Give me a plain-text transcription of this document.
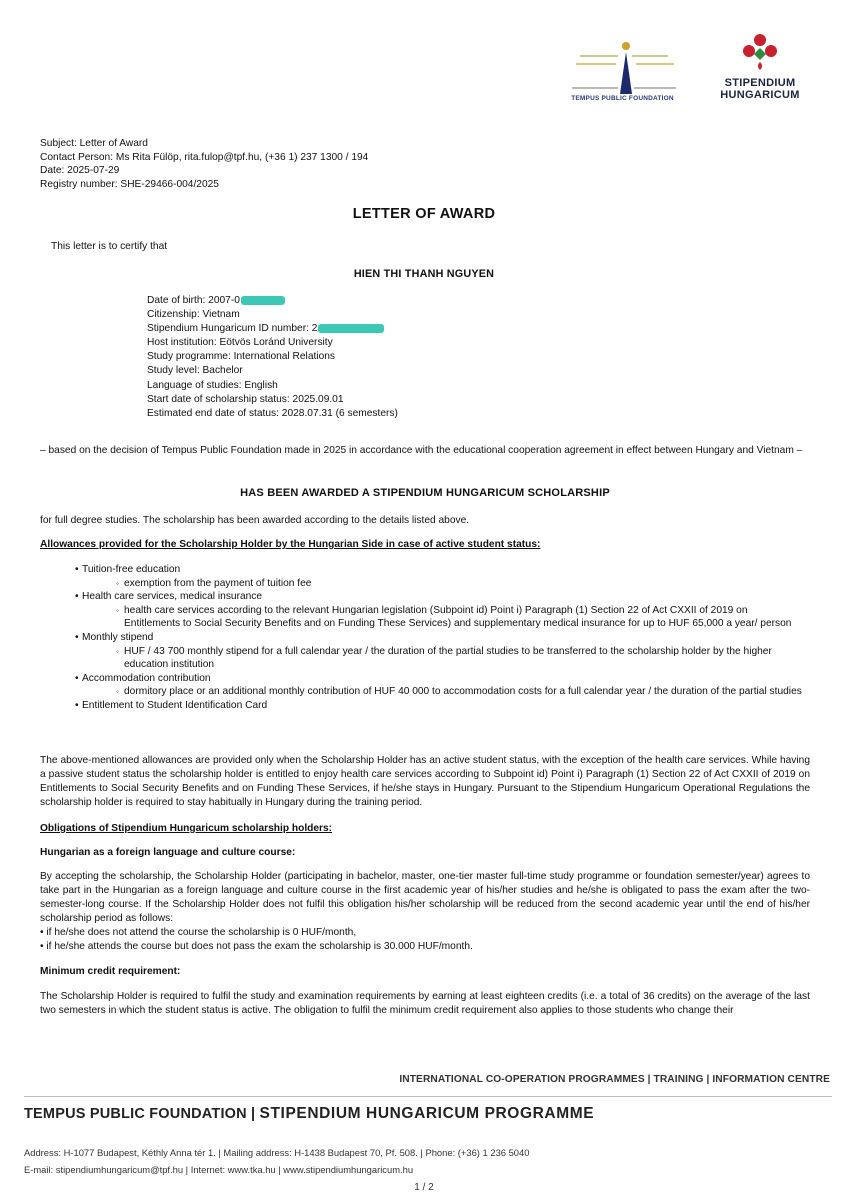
TEMPUS PUBLIC FOUNDATION
STIPENDIUM
HUNGARICUM
Subject: Letter of Award
Contact Person: Ms Rita Fülöp, rita.fulop@tpf.hu, (+36 1) 237 1300 / 194
Date: 2025-07-29
Registry number: SHE-29466-004/2025
LETTER OF AWARD
This letter is to certify that
HIEN THI THANH NGUYEN
Date of birth: 2007-0
Citizenship: Vietnam
Stipendium Hungaricum ID number: 2
Host institution: Eötvös Loránd University
Study programme: International Relations
Study level: Bachelor
Language of studies: English
Start date of scholarship status: 2025.09.01
Estimated end date of status: 2028.07.31 (6 semesters)
– based on the decision of Tempus Public Foundation made in 2025 in accordance with the educational cooperation agreement in effect between Hungary and Vietnam –
HAS BEEN AWARDED A STIPENDIUM HUNGARICUM SCHOLARSHIP
for full degree studies. The scholarship has been awarded according to the details listed above.
Allowances provided for the Scholarship Holder by the Hungarian Side in case of active student status:
• Tuition-free education
◦ exemption from the payment of tuition fee
• Health care services, medical insurance
◦ health care services according to the relevant Hungarian legislation (Subpoint id) Point i) Paragraph (1) Section 22 of Act CXXII of 2019 on Entitlements to Social Security Benefits and on Funding These Services) and supplementary medical insurance for up to HUF 65,000 a year/ person
• Monthly stipend
◦ HUF / 43 700 monthly stipend for a full calendar year / the duration of the partial studies to be transferred to the scholarship holder by the higher education institution
• Accommodation contribution
◦ dormitory place or an additional monthly contribution of HUF 40 000 to accommodation costs for a full calendar year / the duration of the partial studies
• Entitlement to Student Identification Card
The above-mentioned allowances are provided only when the Scholarship Holder has an active student status, with the exception of the health care services. While having a passive student status the scholarship holder is entitled to enjoy health care services according to Subpoint id) Point i) Paragraph (1) Section 22 of Act CXXII of 2019 on Entitlements to Social Security Benefits and on Funding These Services, if he/she stays in Hungary. Pursuant to the Stipendium Hungaricum Operational Regulations the scholarship holder is required to stay habitually in Hungary during the training period.
Obligations of Stipendium Hungaricum scholarship holders:
Hungarian as a foreign language and culture course:
By accepting the scholarship, the Scholarship Holder (participating in bachelor, master, one-tier master full-time study programme or foundation semester/year) agrees to take part in the Hungarian as a foreign language and culture course in the first academic year of his/her studies and he/she is obligated to pass the exam after the two-semester-long course. If the Scholarship Holder does not fulfil this obligation his/her scholarship will be reduced from the second academic year until the end of his/her scholarship period as follows:
• if he/she does not attend the course the scholarship is 0 HUF/month,
• if he/she attends the course but does not pass the exam the scholarship is 30.000 HUF/month.
Minimum credit requirement:
The Scholarship Holder is required to fulfil the study and examination requirements by earning at least eighteen credits (i.e. a total of 36 credits) on the average of the last two semesters in which the student status is active. The obligation to fulfil the minimum credit requirement also applies to those students who change their
INTERNATIONAL CO-OPERATION PROGRAMMES | TRAINING | INFORMATION CENTRE
TEMPUS PUBLIC FOUNDATION | STIPENDIUM HUNGARICUM PROGRAMME
Address: H-1077 Budapest, Kéthly Anna tér 1. | Mailing address: H-1438 Budapest 70, Pf. 508. | Phone: (+36) 1 236 5040
E-mail: stipendiumhungaricum@tpf.hu | Internet: www.tka.hu | www.stipendiumhungaricum.hu
1 / 2
